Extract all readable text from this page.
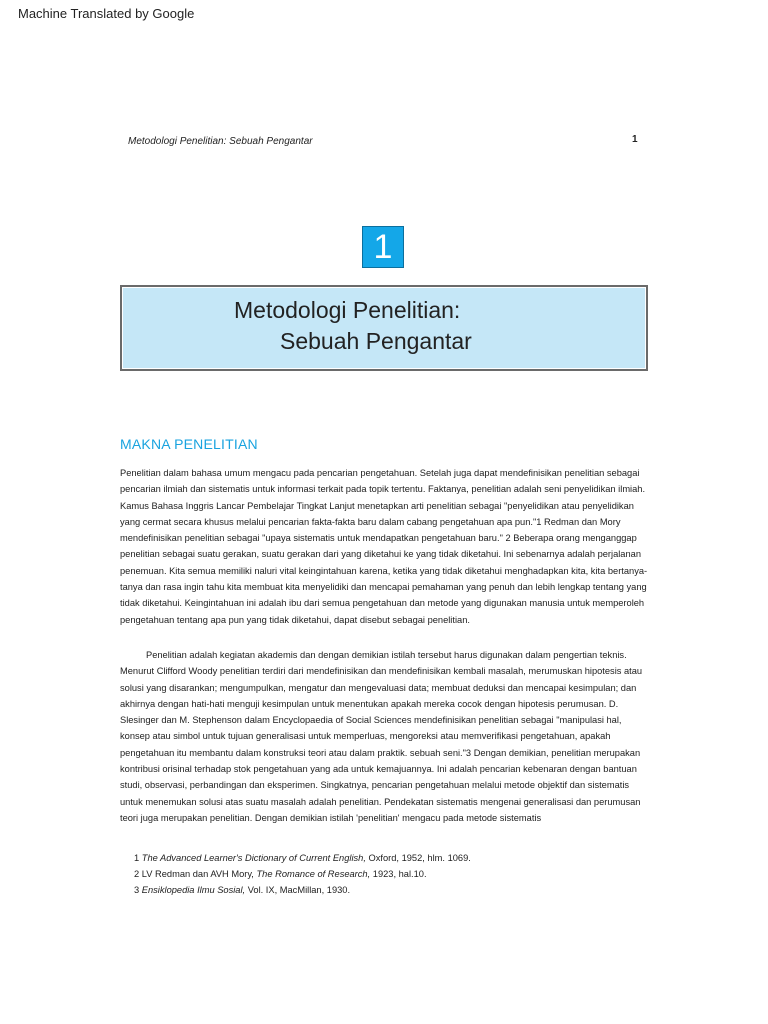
Machine Translated by Google
Metodologi Penelitian: Sebuah Pengantar	1
1
Metodologi Penelitian:
Sebuah Pengantar
MAKNA PENELITIAN

Penelitian dalam bahasa umum mengacu pada pencarian pengetahuan. Setelah juga dapat mendefinisikan penelitian sebagai pencarian ilmiah dan sistematis untuk informasi terkait pada topik tertentu. Faktanya, penelitian adalah seni penyelidikan ilmiah. Kamus Bahasa Inggris Lancar Pembelajar Tingkat Lanjut menetapkan arti penelitian sebagai "penyelidikan atau penyelidikan yang cermat secara khusus melalui pencarian fakta-fakta baru dalam cabang pengetahuan apa pun."1 Redman dan Mory mendefinisikan penelitian sebagai "upaya sistematis untuk mendapatkan pengetahuan baru." 2 Beberapa orang menganggap penelitian sebagai suatu gerakan, suatu gerakan dari yang diketahui ke yang tidak diketahui. Ini sebenarnya adalah perjalanan penemuan. Kita semua memiliki naluri vital keingintahuan karena, ketika yang tidak diketahui menghadapkan kita, kita bertanya-tanya dan rasa ingin tahu kita membuat kita menyelidiki dan mencapai pemahaman yang penuh dan lebih lengkap tentang yang tidak diketahui. Keingintahuan ini adalah ibu dari semua pengetahuan dan metode yang digunakan manusia untuk memperoleh pengetahuan tentang apa pun yang tidak diketahui, dapat disebut sebagai penelitian.

Penelitian adalah kegiatan akademis dan dengan demikian istilah tersebut harus digunakan dalam pengertian teknis. Menurut Clifford Woody penelitian terdiri dari mendefinisikan dan mendefinisikan kembali masalah, merumuskan hipotesis atau solusi yang disarankan; mengumpulkan, mengatur dan mengevaluasi data; membuat deduksi dan mencapai kesimpulan; dan akhirnya dengan hati-hati menguji kesimpulan untuk menentukan apakah mereka cocok dengan hipotesis perumusan. D. Slesinger dan M. Stephenson dalam Encyclopaedia of Social Sciences mendefinisikan penelitian sebagai "manipulasi hal, konsep atau simbol untuk tujuan generalisasi untuk memperluas, mengoreksi atau memverifikasi pengetahuan, apakah pengetahuan itu membantu dalam konstruksi teori atau dalam praktik. sebuah seni."3 Dengan demikian, penelitian merupakan kontribusi orisinal terhadap stok pengetahuan yang ada untuk kemajuannya. Ini adalah pencarian kebenaran dengan bantuan studi, observasi, perbandingan dan eksperimen. Singkatnya, pencarian pengetahuan melalui metode objektif dan sistematis untuk menemukan solusi atas suatu masalah adalah penelitian. Pendekatan sistematis mengenai generalisasi dan perumusan teori juga merupakan penelitian. Dengan demikian istilah 'penelitian' mengacu pada metode sistematis

1 The Advanced Learner's Dictionary of Current English, Oxford, 1952, hlm. 1069.
2 LV Redman dan AVH Mory, The Romance of Research, 1923, hal.10.
3 Ensiklopedia Ilmu Sosial, Vol. IX, MacMillan, 1930.
